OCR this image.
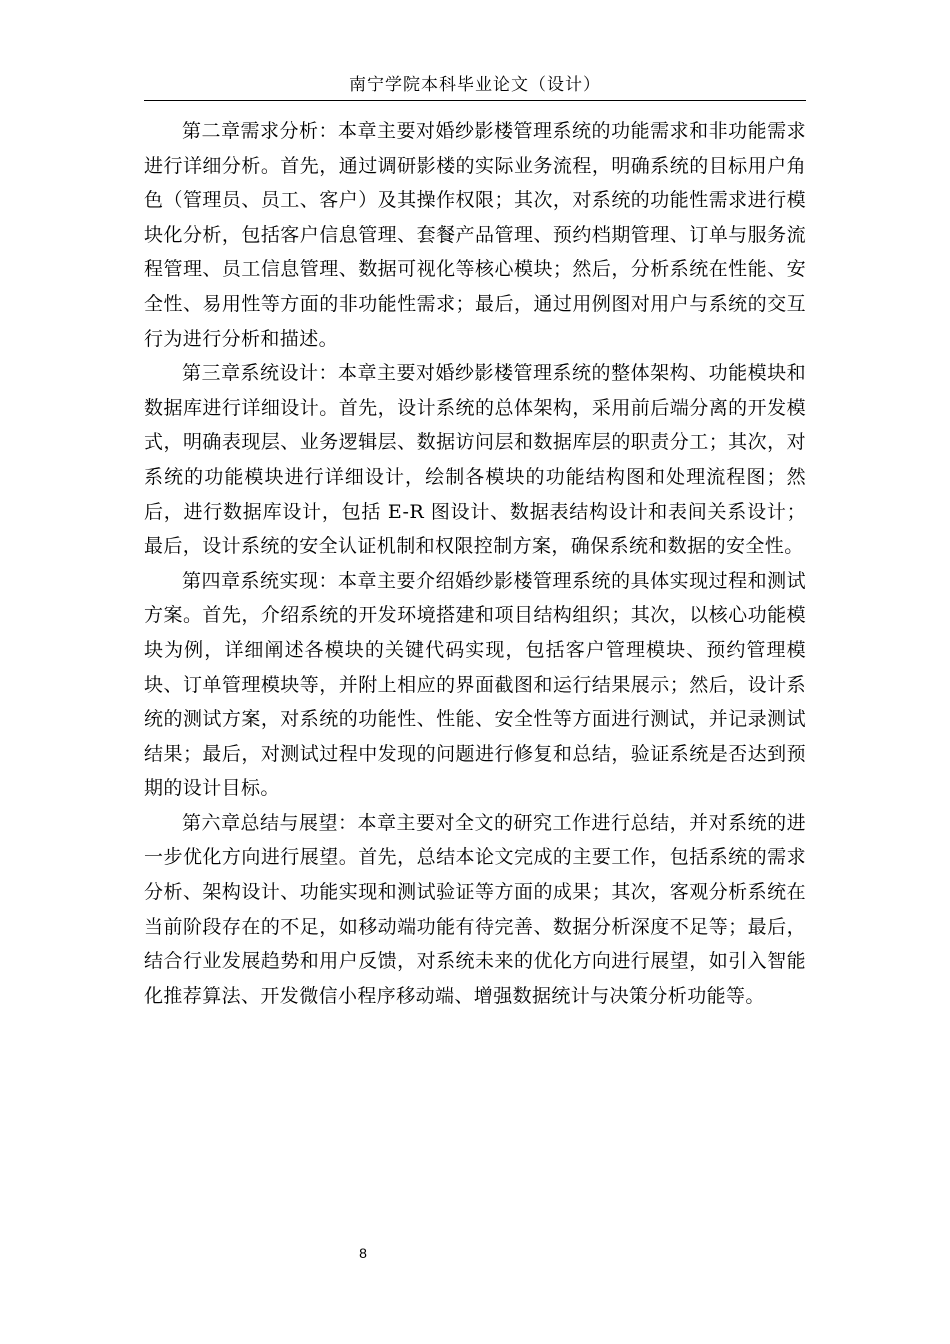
南宁学院本科毕业论文（设计）

第二章需求分析：本章主要对婚纱影楼管理系统的功能需求和非功能需求进行详细分析。首先，通过调研影楼的实际业务流程，明确系统的目标用户角色（管理员、员工、客户）及其操作权限；其次，对系统的功能性需求进行模块化分析，包括客户信息管理、套餐产品管理、预约档期管理、订单与服务流程管理、员工信息管理、数据可视化等核心模块；然后，分析系统在性能、安全性、易用性等方面的非功能性需求；最后，通过用例图对用户与系统的交互行为进行分析和描述。

第三章系统设计：本章主要对婚纱影楼管理系统的整体架构、功能模块和数据库进行详细设计。首先，设计系统的总体架构，采用前后端分离的开发模式，明确表现层、业务逻辑层、数据访问层和数据库层的职责分工；其次，对系统的功能模块进行详细设计，绘制各模块的功能结构图和处理流程图；然后，进行数据库设计，包括 E-R 图设计、数据表结构设计和表间关系设计；最后，设计系统的安全认证机制和权限控制方案，确保系统和数据的安全性。

第四章系统实现：本章主要介绍婚纱影楼管理系统的具体实现过程和测试方案。首先，介绍系统的开发环境搭建和项目结构组织；其次，以核心功能模块为例，详细阐述各模块的关键代码实现，包括客户管理模块、预约管理模块、订单管理模块等，并附上相应的界面截图和运行结果展示；然后，设计系统的测试方案，对系统的功能性、性能、安全性等方面进行测试，并记录测试结果；最后，对测试过程中发现的问题进行修复和总结，验证系统是否达到预期的设计目标。

第六章总结与展望：本章主要对全文的研究工作进行总结，并对系统的进一步优化方向进行展望。首先，总结本论文完成的主要工作，包括系统的需求分析、架构设计、功能实现和测试验证等方面的成果；其次，客观分析系统在当前阶段存在的不足，如移动端功能有待完善、数据分析深度不足等；最后，结合行业发展趋势和用户反馈，对系统未来的优化方向进行展望，如引入智能化推荐算法、开发微信小程序移动端、增强数据统计与决策分析功能等。

8
